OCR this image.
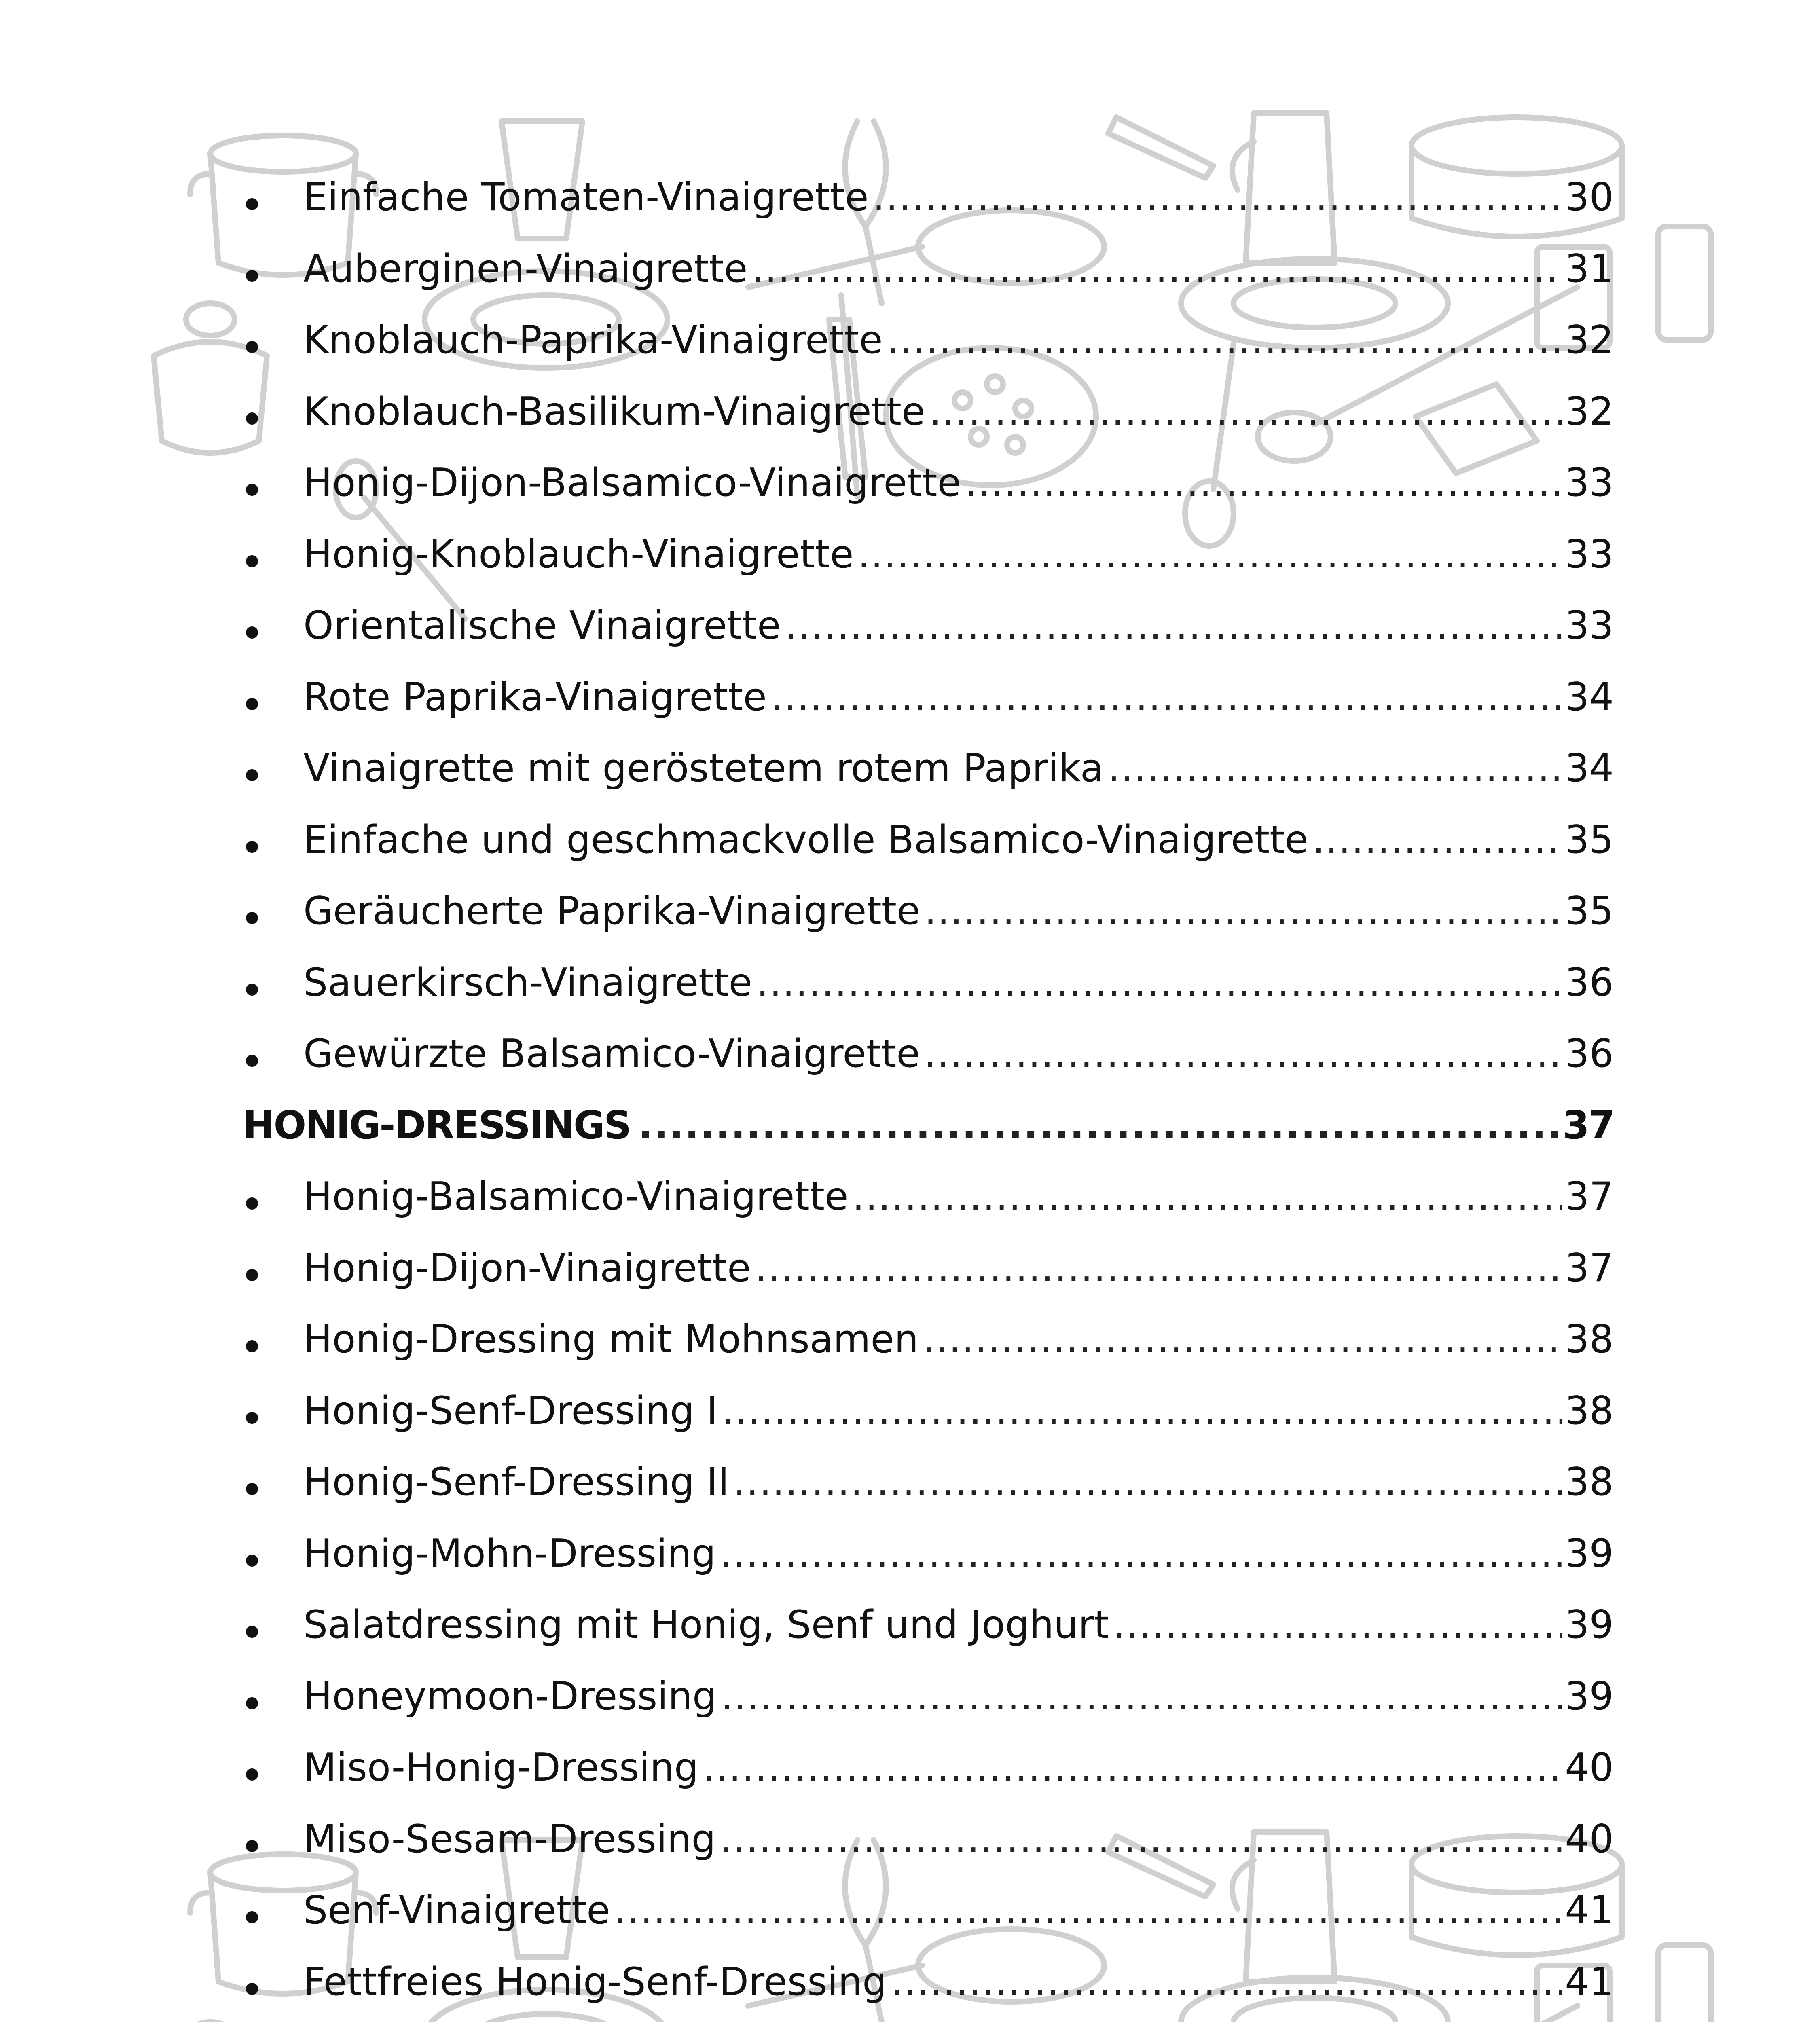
Einfache Tomaten-Vinaigrette .....	30
Auberginen-Vinaigrette .....	31
Knoblauch-Paprika-Vinaigrette .....	32
Knoblauch-Basilikum-Vinaigrette .....	32
Honig-Dijon-Balsamico-Vinaigrette .....	33
Honig-Knoblauch-Vinaigrette .....	33
Orientalische Vinaigrette .....	33
Rote Paprika-Vinaigrette .....	34
Vinaigrette mit geröstetem rotem Paprika .....	34
Einfache und geschmackvolle Balsamico-Vinaigrette .....	35
Geräucherte Paprika-Vinaigrette .....	35
Sauerkirsch-Vinaigrette .....	36
Gewürzte Balsamico-Vinaigrette .....	36
HONIG-DRESSINGS .....	37
Honig-Balsamico-Vinaigrette .....	37
Honig-Dijon-Vinaigrette .....	37
Honig-Dressing mit Mohnsamen .....	38
Honig-Senf-Dressing I .....	38
Honig-Senf-Dressing II .....	38
Honig-Mohn-Dressing .....	39
Salatdressing mit Honig, Senf und Joghurt .....	39
Honeymoon-Dressing .....	39
Miso-Honig-Dressing .....	40
Miso-Sesam-Dressing .....	40
Senf-Vinaigrette .....	41
Fettfreies Honig-Senf-Dressing .....	41
